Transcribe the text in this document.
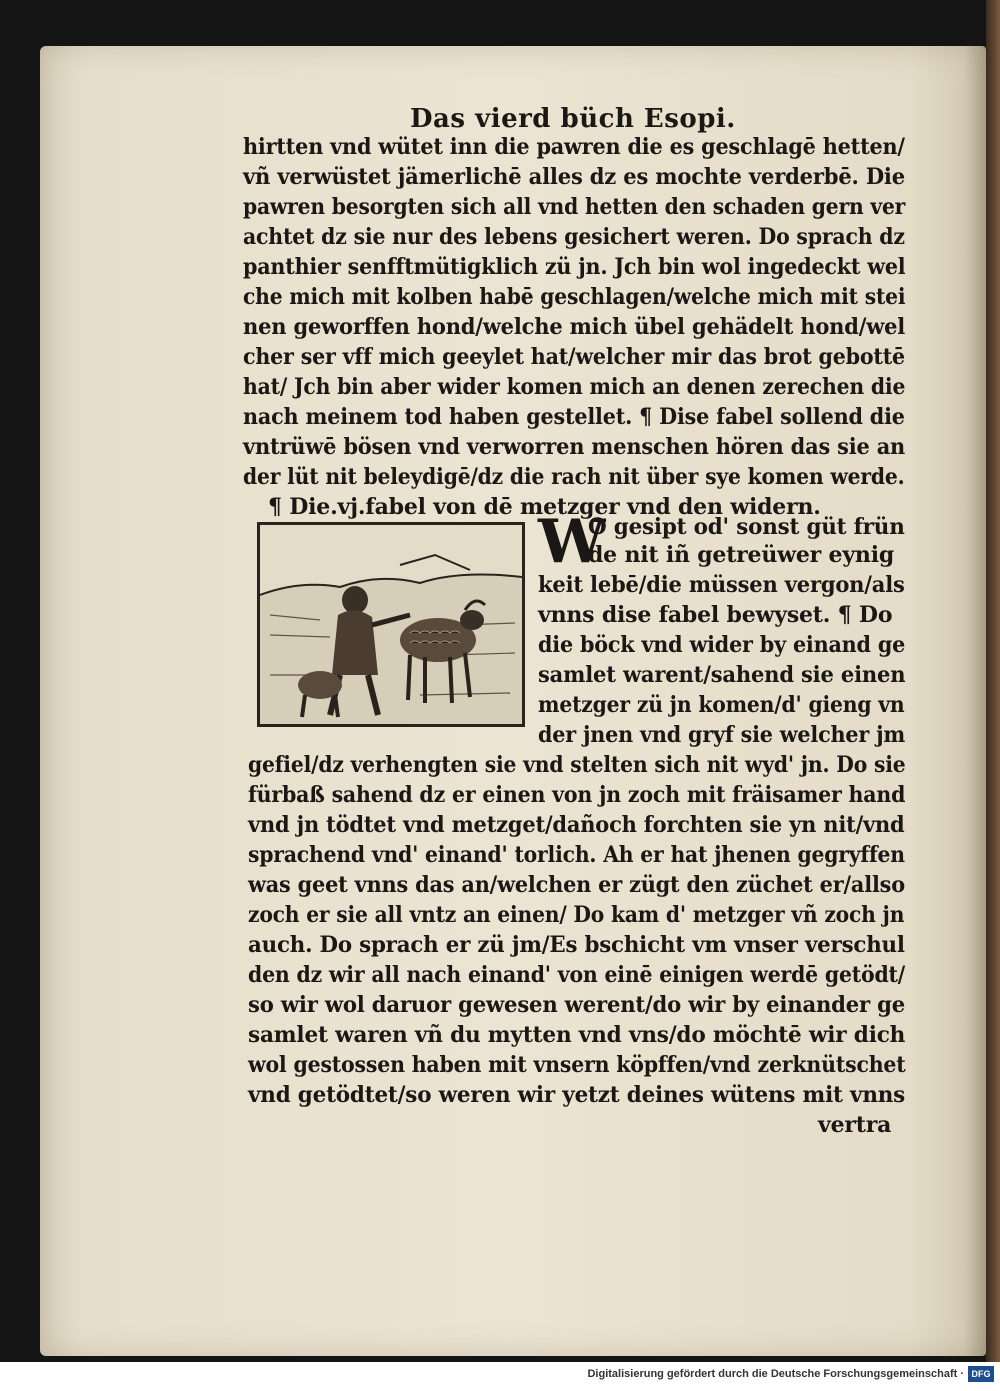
Das vierd büch Esopi.
hirtten vnd wütet inn die pawren die es geschlagē hetten/
vñ verwüstet jämerlichē alles dz es mochte verderbē. Die
pawren besorgten sich all vnd hetten den schaden gern ver
achtet dz sie nur des lebens gesichert weren. Do sprach dz
panthier senfftmütigklich zü jn. Jch bin wol ingedeckt wel
che mich mit kolben habē geschlagen/welche mich mit stei
nen geworffen hond/welche mich übel gehädelt hond/wel
cher ser vff mich geeylet hat/welcher mir das brot gebottē
hat/ Jch bin aber wider komen mich an denen zerechen die
nach meinem tod haben gestellet. ¶ Dise fabel sollend die
vntrüwē bösen vnd verworren menschen hören das sie an
der lüt nit beleydigē/dz die rach nit über sye komen werde.
¶ Die.vj.fabel von dē metzger vnd den widern.
W
O gesipt od' sonst güt frün
de nit iñ getreüwer eynig
keit lebē/die müssen vergon/als
vnns dise fabel bewyset. ¶ Do
die böck vnd wider by einand ge
samlet warent/sahend sie einen
metzger zü jn komen/d' gieng vn
der jnen vnd gryf sie welcher jm
gefiel/dz verhengten sie vnd stelten sich nit wyd' jn. Do sie
fürbaß sahend dz er einen von jn zoch mit fräisamer hand
vnd jn tödtet vnd metzget/dañoch forchten sie yn nit/vnd
sprachend vnd' einand' torlich. Ah er hat jhenen gegryffen
was geet vnns das an/welchen er zügt den züchet er/allso
zoch er sie all vntz an einen/ Do kam d' metzger vñ zoch jn
auch. Do sprach er zü jm/Es bschicht vm vnser verschul
den dz wir all nach einand' von einē einigen werdē getödt/
so wir wol daruor gewesen werent/do wir by einander ge
samlet waren vñ du mytten vnd vns/do möchtē wir dich
wol gestossen haben mit vnsern köpffen/vnd zerknütschet
vnd getödtet/so weren wir yetzt deines wütens mit vnns
vertra
Digitalisierung gefördert durch die Deutsche Forschungsgemeinschaft · DFG
